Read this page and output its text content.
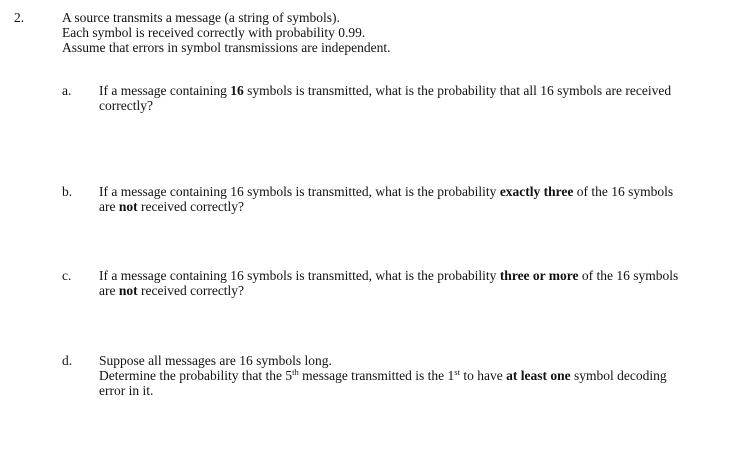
2.	A source transmits a message (a string of symbols).
Each symbol is received correctly with probability 0.99.
Assume that errors in symbol transmissions are independent.
a. If a message containing 16 symbols is transmitted, what is the probability that all 16 symbols are received correctly?
b. If a message containing 16 symbols is transmitted, what is the probability exactly three of the 16 symbols are not received correctly?
c. If a message containing 16 symbols is transmitted, what is the probability three or more of the 16 symbols are not received correctly?
d. Suppose all messages are 16 symbols long.
Determine the probability that the 5th message transmitted is the 1st to have at least one symbol decoding error in it.
